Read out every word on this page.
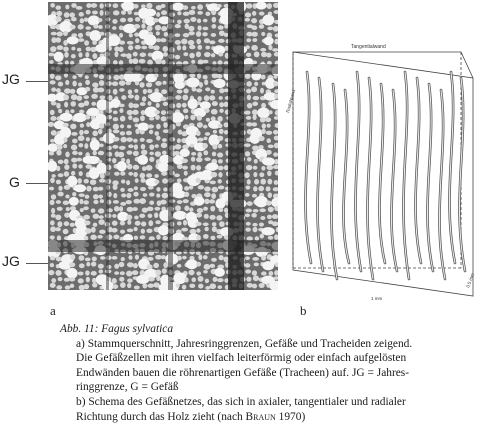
JG
G
JG
a
Tangentialwand
Radialwand
1 mm
0,5 mm
b
Abb. 11: Fagus sylvatica
a) Stammquerschnitt, Jahresringgrenzen, Gefäße und Tracheiden zeigend.
Die Gefäßzellen mit ihren vielfach leiterförmig oder einfach aufgelösten
Endwänden bauen die röhrenartigen Gefäße (Tracheen) auf. JG = Jahres-
ringgrenze, G = Gefäß
b) Schema des Gefäßnetzes, das sich in axialer, tangentialer und radialer
Richtung durch das Holz zieht (nach Braun 1970)
